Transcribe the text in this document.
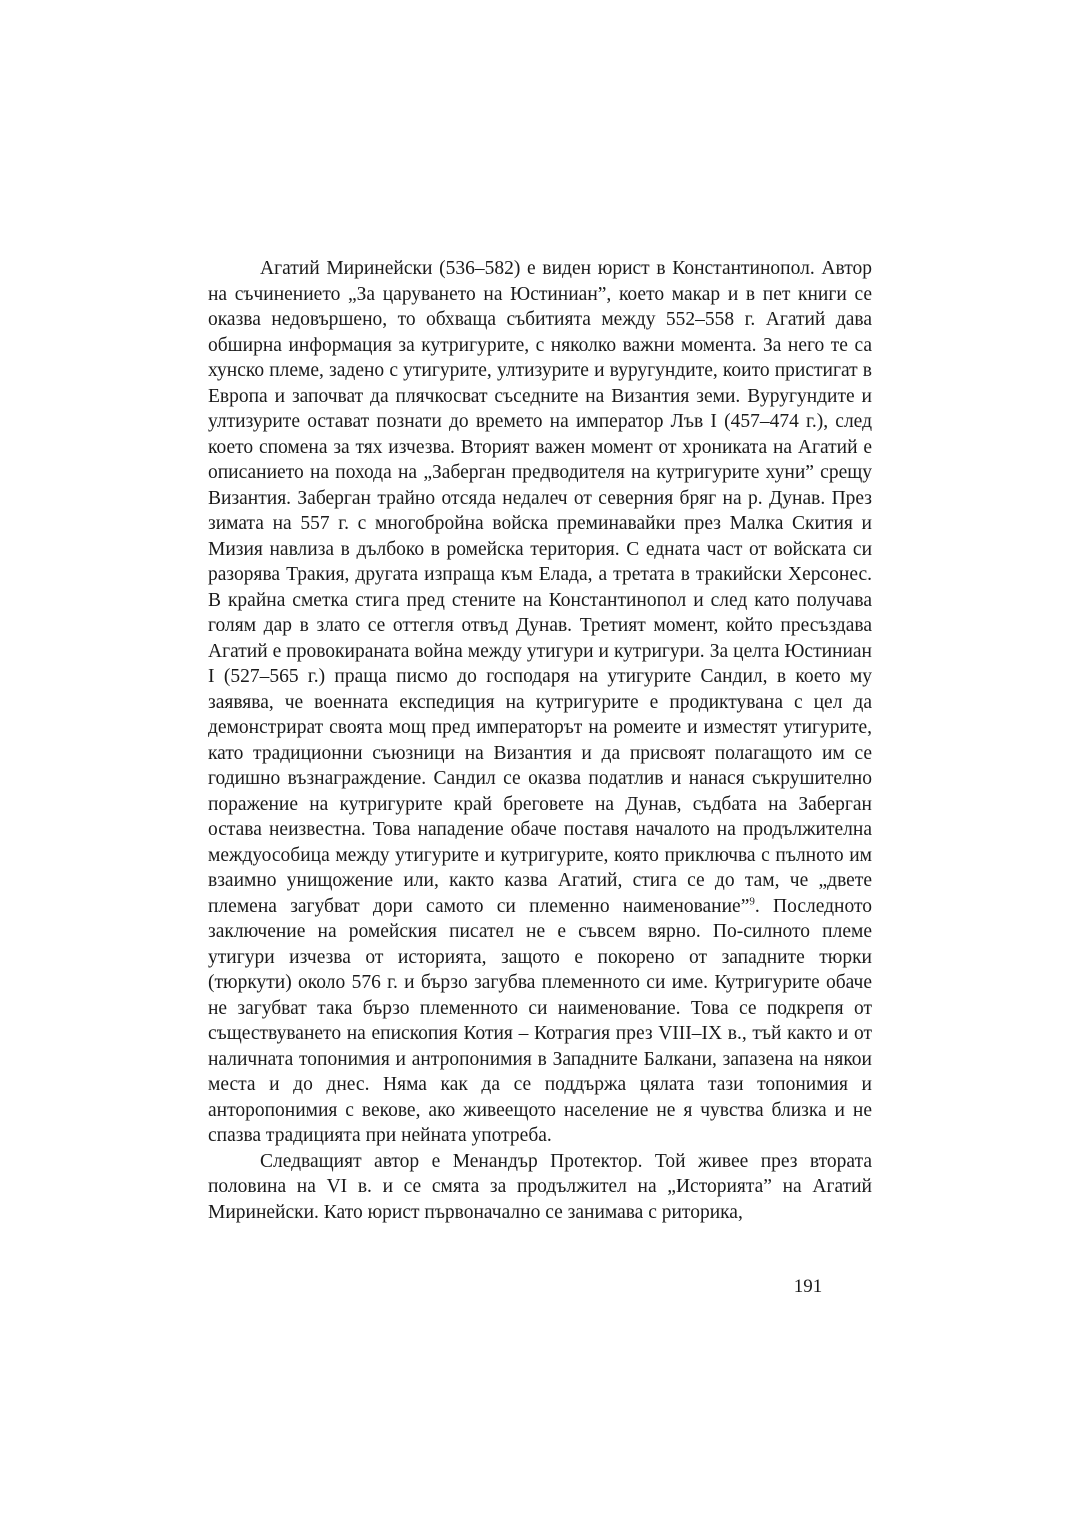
Агатий Миринейски (536–582) е виден юрист в Константинопол. Автор на съчинението „За царуването на Юстиниан”, което макар и в пет книги се оказва недовършено, то обхваща събитията между 552–558 г. Агатий дава обширна информация за кутригурите, с няколко важни момента. За него те са хунско племе, задено с утигурите, ултизурите и вуругундите, които пристигат в Европа и започват да плячкосват съседните на Византия земи. Вуругундите и ултизурите остават познати до времето на император Лъв I (457–474 г.), след което спомена за тях изчезва. Вторият важен момент от хрониката на Агатий е описанието на похода на „Заберган предводителя на кутригурите хуни” срещу Византия. Заберган трайно отсяда недалеч от северния бряг на р. Дунав. През зимата на 557 г. с многобройна войска преминавайки през Малка Скития и Мизия навлиза в дълбоко в ромейска територия. С едната част от войската си разорява Тракия, другата изпраща към Елада, а третата в тракийски Херсонес. В крайна сметка стига пред стените на Константинопол и след като получава голям дар в злато се оттегля отвъд Дунав. Третият момент, който пресъздава Агатий е провокираната война между утигури и кутригури. За целта Юстиниан I (527–565 г.) праща писмо до господаря на утигурите Сандил, в което му заявява, че военната експедиция на кутригурите е продиктувана с цел да демонстрират своята мощ пред императорът на ромеите и изместят утигурите, като традиционни съюзници на Византия и да присвоят полагащото им се годишно възнаграждение. Сандил се оказва податлив и нанася съкрушително поражение на кутригурите край бреговете на Дунав, съдбата на Заберган остава неизвестна. Това нападение обаче поставя началото на продължителна междуособица между утигурите и кутригурите, която приключва с пълното им взаимно унищожение или, както казва Агатий, стига се до там, че „двете племена загубват дори самото си племенно наименование”$^9$. Последното заключение на ромейския писател не е съвсем вярно. По-силното племе утигури изчезва от историята, защото е покорено от западните тюрки (тюркути) около 576 г. и бързо загубва племенното си име. Кутригурите обаче не загубват така бързо племенното си наименование. Това се подкрепя от съществуването на епископия Котия – Котрагия през VIII–IX в., тъй както и от наличната топонимия и антропонимия в Западните Балкани, запазена на някои места и до днес. Няма как да се поддържа цялата тази топонимия и анторопонимия с векове, ако живеещото население не я чувства близка и не спазва традицията при нейната употреба.

Следващият автор е Менандър Протектор. Той живее през втората половина на VI в. и се смята за продължител на „Историята” на Агатий Миринейски. Като юрист първоначално се занимава с риторика,

191
